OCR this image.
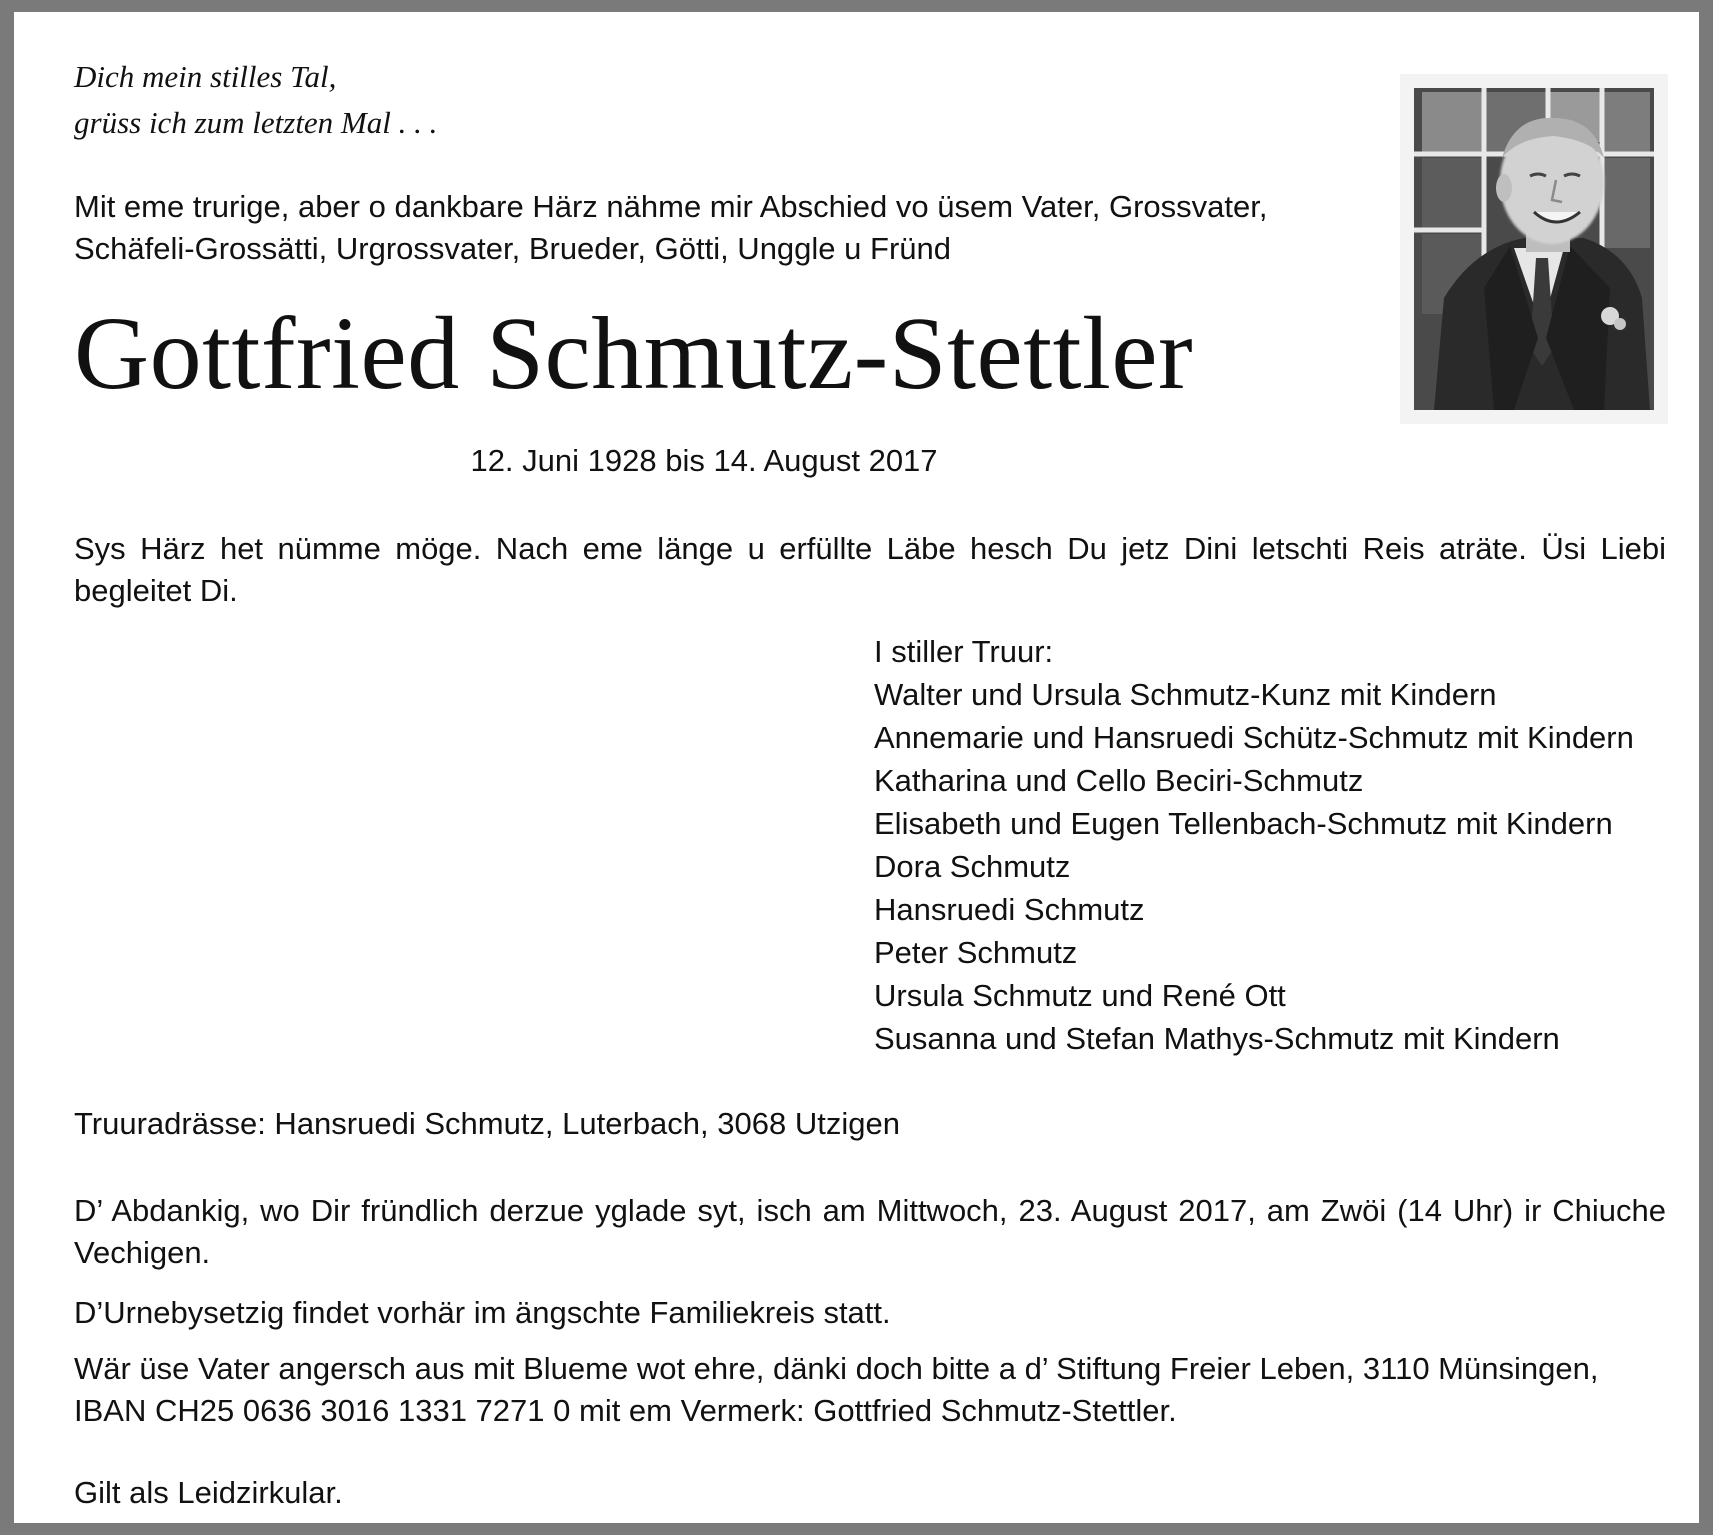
Dich mein stilles Tal,
grüss ich zum letzten Mal . . .
Mit eme trurige, aber o dankbare Härz nähme mir Abschied vo üsem Vater, Grossvater,
Schäfeli-Grossätti, Urgrossvater, Brueder, Götti, Unggle u Fründ
Gottfried Schmutz-Stettler
12. Juni 1928 bis 14. August 2017
Sys Härz het nümme möge. Nach eme länge u erfüllte Läbe hesch Du jetz Dini letschti Reis aträte. Üsi Liebi begleitet Di.
I stiller Truur:
Walter und Ursula Schmutz-Kunz mit Kindern
Annemarie und Hansruedi Schütz-Schmutz mit Kindern
Katharina und Cello Beciri-Schmutz
Elisabeth und Eugen Tellenbach-Schmutz mit Kindern
Dora Schmutz
Hansruedi Schmutz
Peter Schmutz
Ursula Schmutz und René Ott
Susanna und Stefan Mathys-Schmutz mit Kindern
Truuradrässe: Hansruedi Schmutz, Luterbach, 3068 Utzigen
D’ Abdankig, wo Dir fründlich derzue yglade syt, isch am Mittwoch, 23. August 2017, am Zwöi (14 Uhr) ir Chiuche Vechigen.
D’Urnebysetzig findet vorhär im ängschte Familiekreis statt.
Wär üse Vater angersch aus mit Blueme wot ehre, dänki doch bitte a d’ Stiftung Freier Leben, 3110 Münsingen,
IBAN CH25 0636 3016 1331 7271 0 mit em Vermerk: Gottfried Schmutz-Stettler.
Gilt als Leidzirkular.
